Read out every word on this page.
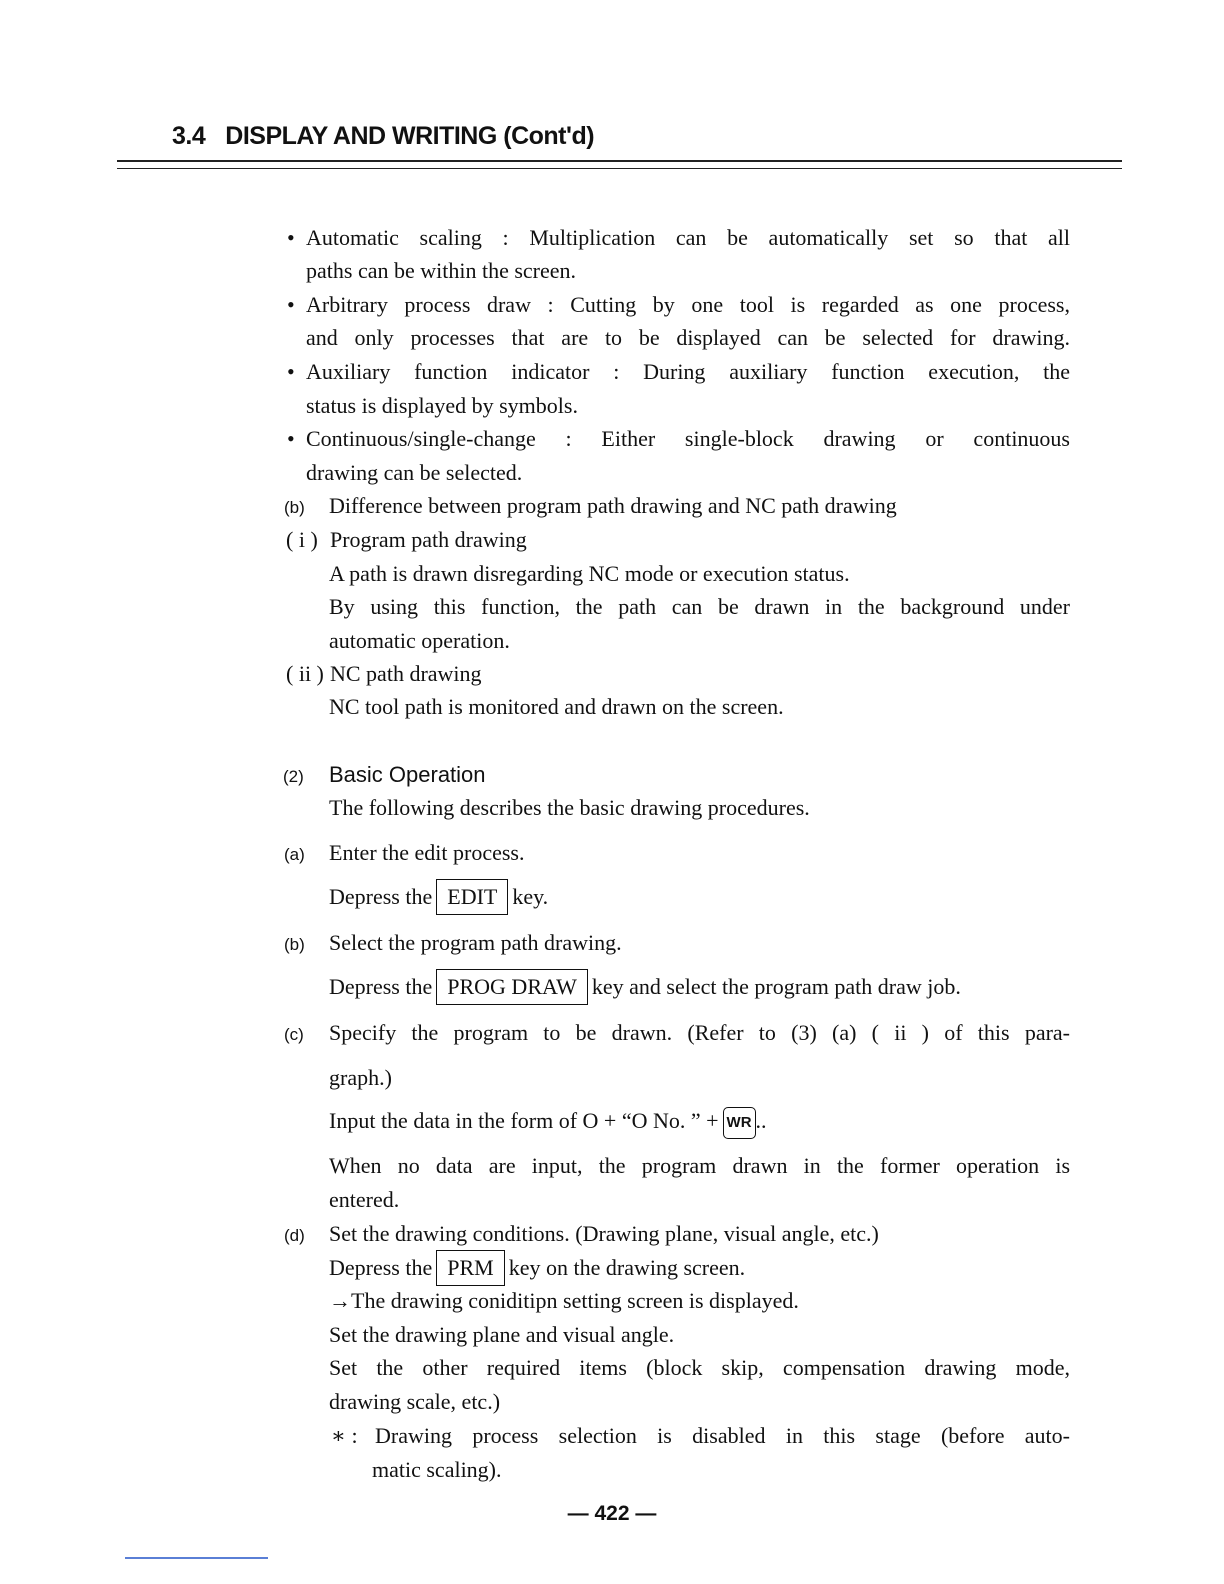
3.4 DISPLAY AND WRITING (Cont'd)
• Automatic scaling : Multiplication can be automatically set so that all
paths can be within the screen.
• Arbitrary process draw : Cutting by one tool is regarded as one process,
and only processes that are to be displayed can be selected for drawing.
• Auxiliary function indicator : During auxiliary function execution, the
status is displayed by symbols.
• Continuous/single-change : Either single-block drawing or continuous
drawing can be selected.
(b) Difference between program path drawing and NC path drawing
( i ) Program path drawing
A path is drawn disregarding NC mode or execution status.
By using this function, the path can be drawn in the background under
automatic operation.
( ii ) NC path drawing
NC tool path is monitored and drawn on the screen.
(2) Basic Operation
The following describes the basic drawing procedures.
(a) Enter the edit process.
Depress the EDIT key.
(b) Select the program path drawing.
Depress the PROG DRAW key and select the program path draw job.
(c) Specify the program to be drawn. (Refer to (3) (a) ( ii ) of this para-
graph.)
Input the data in the form of O + “O No. ” + WR ..
When no data are input, the program drawn in the former operation is
entered.
(d) Set the drawing conditions. (Drawing plane, visual angle, etc.)
Depress the PRM key on the drawing screen.
→The drawing coniditipn setting screen is displayed.
Set the drawing plane and visual angle.
Set the other required items (block skip, compensation drawing mode,
drawing scale, etc.)
∗ : Drawing process selection is disabled in this stage (before auto-
matic scaling).
— 422 —
